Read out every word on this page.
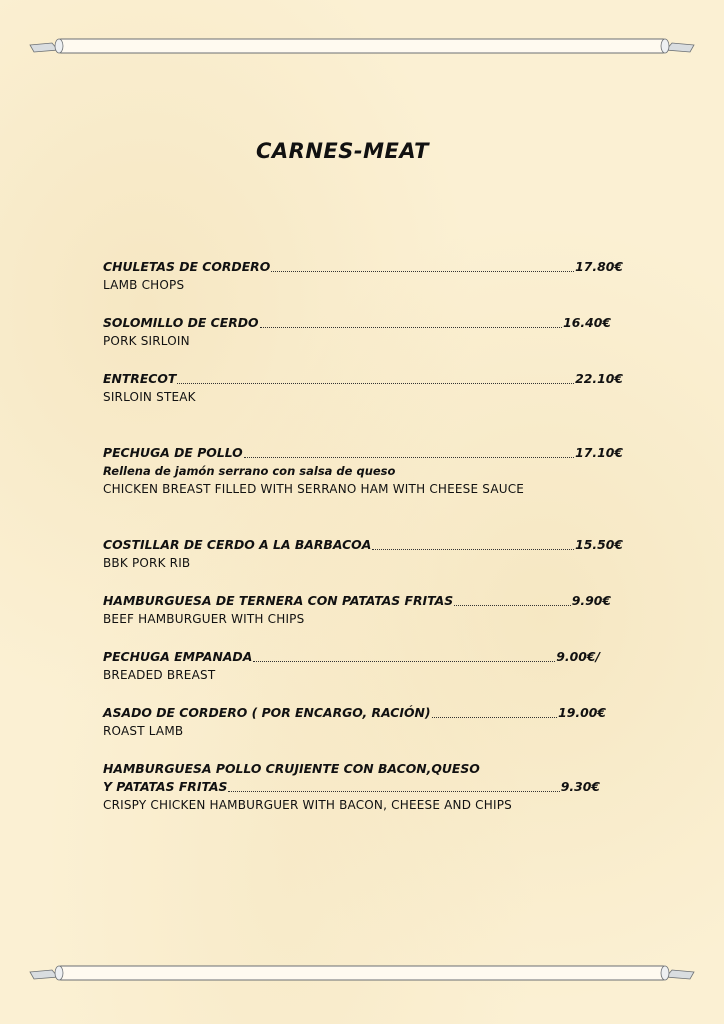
CARNES-MEAT
CHULETAS DE CORDERO	17.80€
LAMB CHOPS
SOLOMILLO DE CERDO	16.40€
PORK SIRLOIN
ENTRECOT	22.10€
SIRLOIN STEAK
PECHUGA DE POLLO	17.10€
Rellena de jamón serrano con salsa de queso
CHICKEN BREAST FILLED WITH SERRANO HAM WITH CHEESE SAUCE
COSTILLAR DE CERDO A LA BARBACOA	15.50€
BBK PORK RIB
HAMBURGUESA DE TERNERA CON PATATAS FRITAS	9.90€
BEEF HAMBURGUER WITH CHIPS
PECHUGA EMPANADA	9.00€/
BREADED BREAST
ASADO DE CORDERO ( POR ENCARGO, RACIÓN)	19.00€
ROAST LAMB
HAMBURGUESA POLLO CRUJIENTE CON BACON,QUESO
Y PATATAS FRITAS	9.30€
CRISPY CHICKEN HAMBURGUER WITH BACON, CHEESE AND CHIPS
